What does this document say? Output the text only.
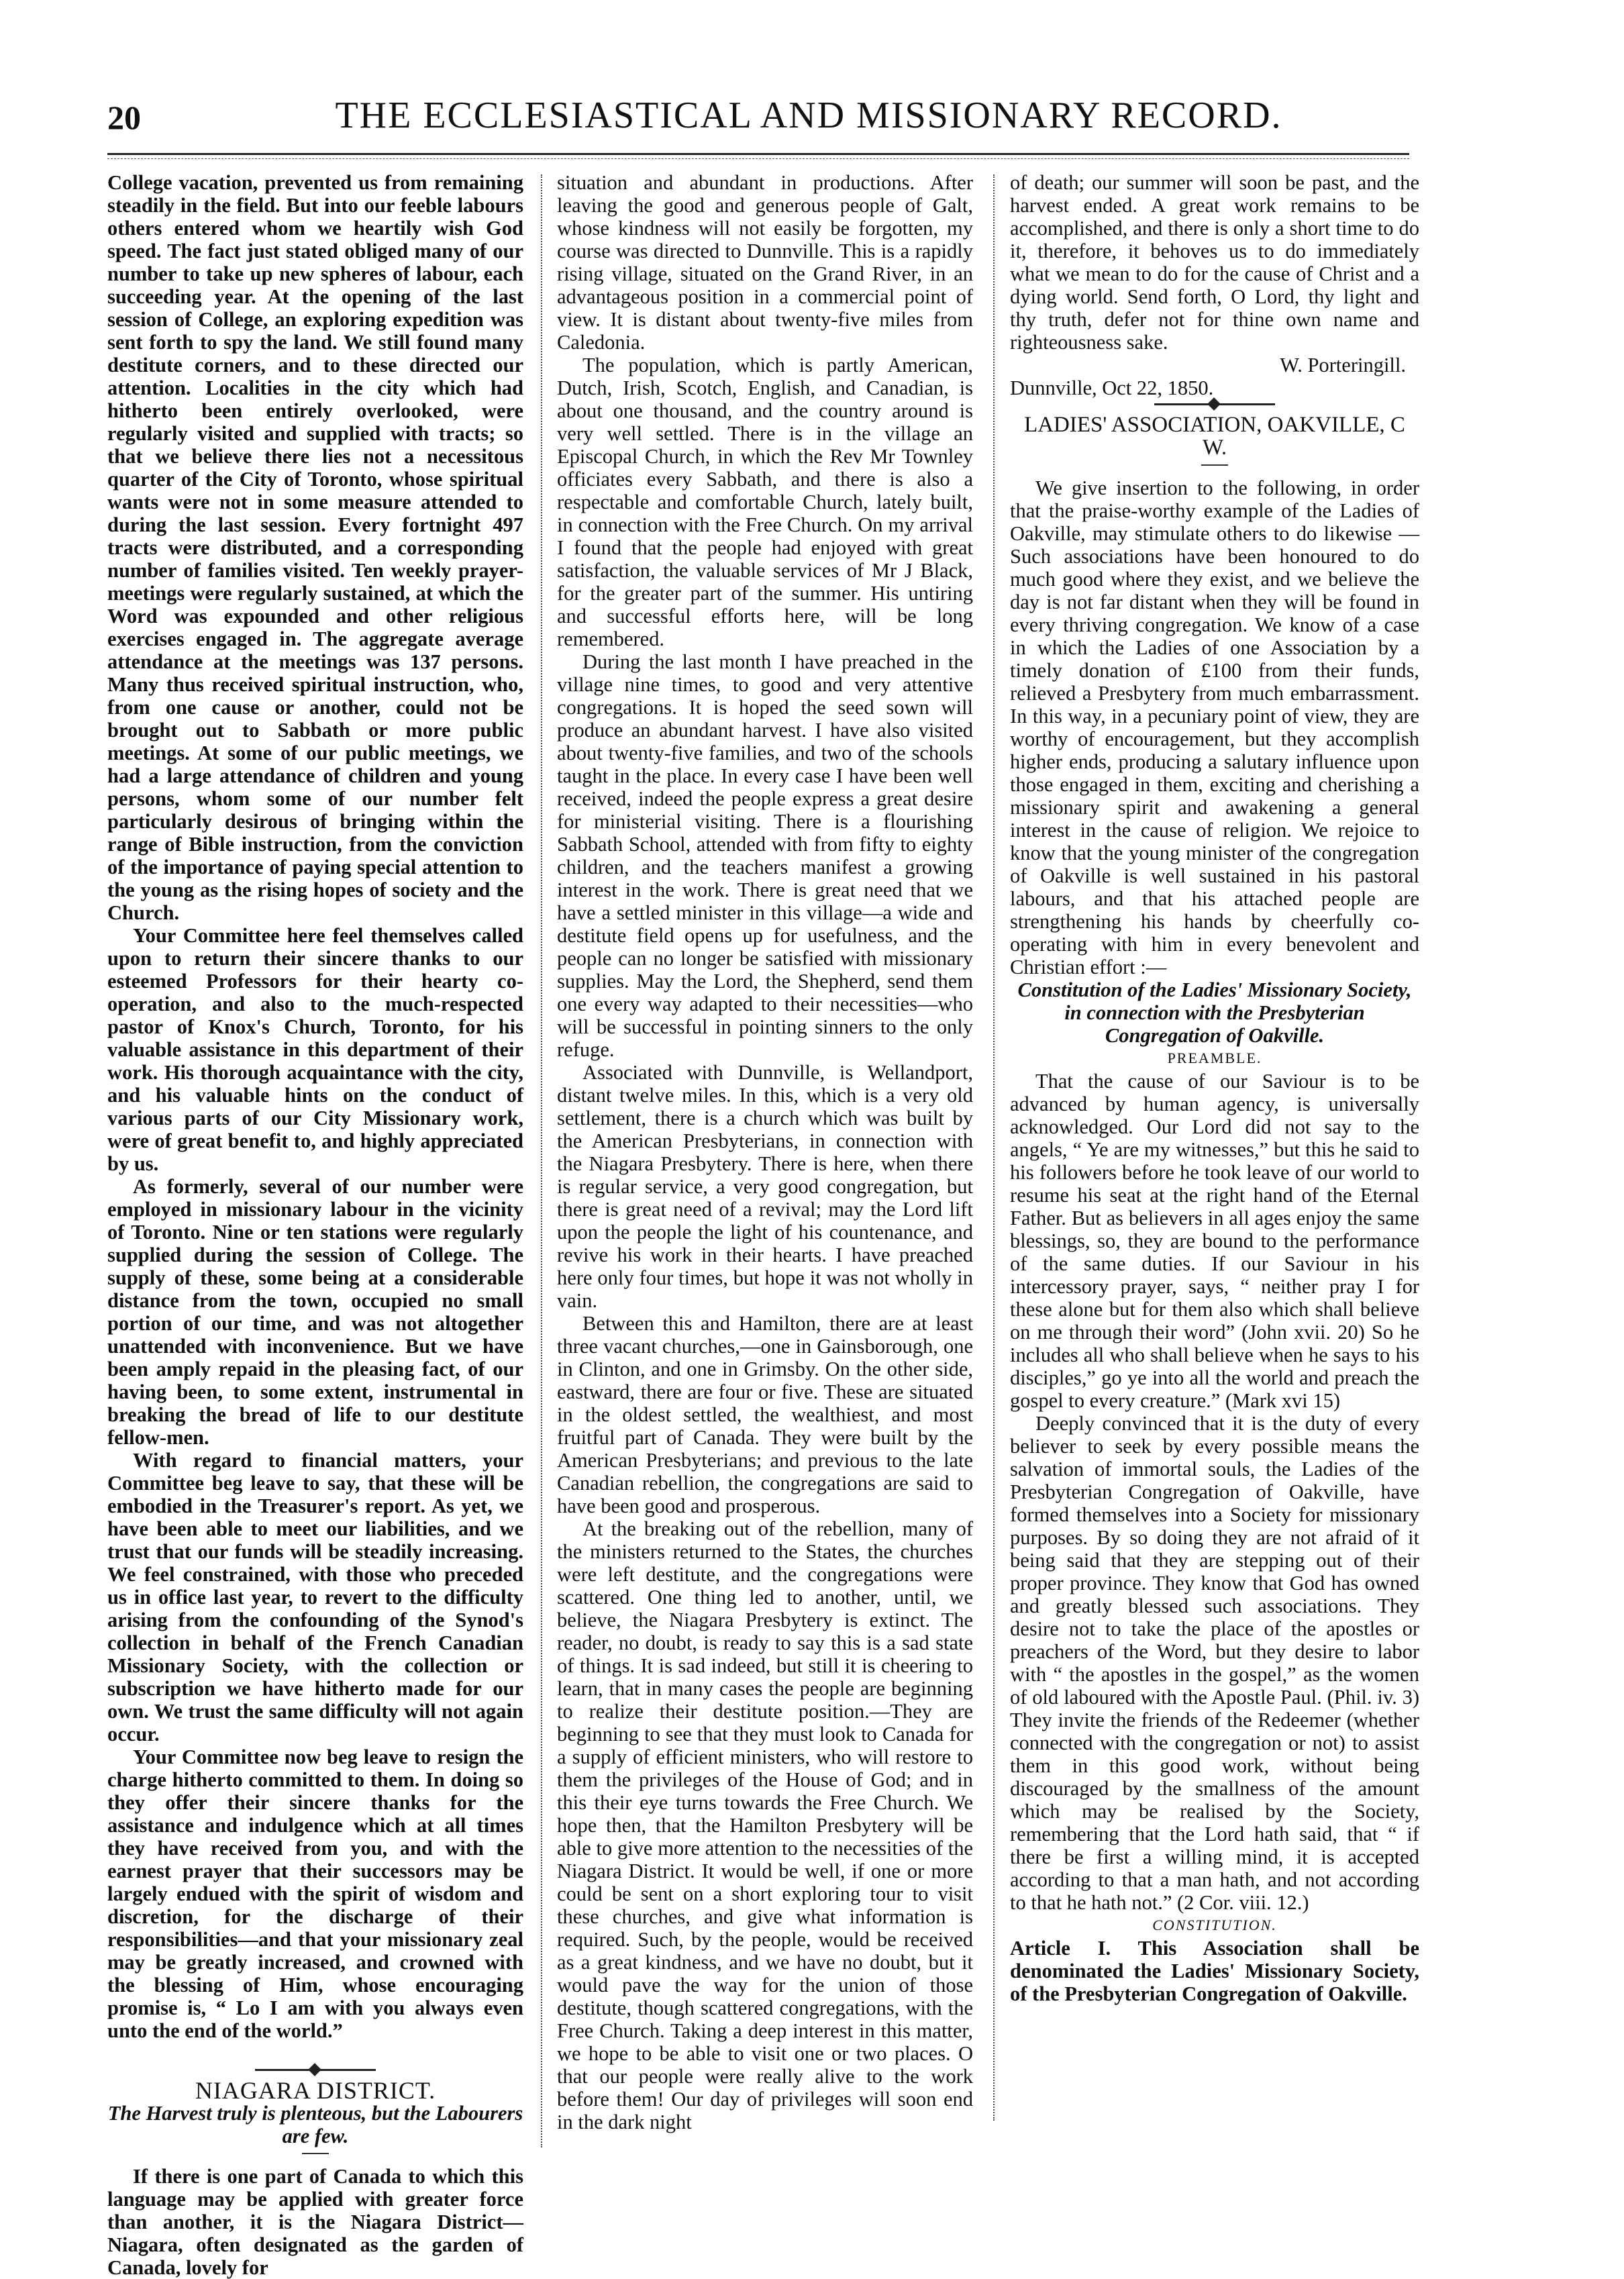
20	THE ECCLESIASTICAL AND MISSIONARY RECORD.

College vacation, prevented us from remaining steadily in the field. But into our feeble labours others entered whom we heartily wish God speed. The fact just stated obliged many of our number to take up new spheres of labour, each succeeding year. At the opening of the last session of College, an exploring expedition was sent forth to spy the land. We still found many destitute corners, and to these directed our attention. Localities in the city which had hitherto been entirely overlooked, were regularly visited and supplied with tracts; so that we believe there lies not a necessitous quarter of the City of Toronto, whose spiritual wants were not in some measure attended to during the last session. Every fortnight 497 tracts were distributed, and a corresponding number of families visited. Ten weekly prayer-meetings were regularly sustained, at which the Word was expounded and other religious exercises engaged in. The aggregate average attendance at the meetings was 137 persons. Many thus received spiritual instruction, who, from one cause or another, could not be brought out to Sabbath or more public meetings. At some of our public meetings, we had a large attendance of children and young persons, whom some of our number felt particularly desirous of bringing within the range of Bible instruction, from the conviction of the importance of paying special attention to the young as the rising hopes of society and the Church.

Your Committee here feel themselves called upon to return their sincere thanks to our esteemed Professors for their hearty co-operation, and also to the much-respected pastor of Knox's Church, Toronto, for his valuable assistance in this department of their work. His thorough acquaintance with the city, and his valuable hints on the conduct of various parts of our City Missionary work, were of great benefit to, and highly appreciated by us.

As formerly, several of our number were employed in missionary labour in the vicinity of Toronto. Nine or ten stations were regularly supplied during the session of College. The supply of these, some being at a considerable distance from the town, occupied no small portion of our time, and was not altogether unattended with inconvenience. But we have been amply repaid in the pleasing fact, of our having been, to some extent, instrumental in breaking the bread of life to our destitute fellow-men.

With regard to financial matters, your Committee beg leave to say, that these will be embodied in the Treasurer's report. As yet, we have been able to meet our liabilities, and we trust that our funds will be steadily increasing. We feel constrained, with those who preceded us in office last year, to revert to the difficulty arising from the confounding of the Synod's collection in behalf of the French Canadian Missionary Society, with the collection or subscription we have hitherto made for our own. We trust the same difficulty will not again occur.

Your Committee now beg leave to resign the charge hitherto committed to them. In doing so they offer their sincere thanks for the assistance and indulgence which at all times they have received from you, and with the earnest prayer that their successors may be largely endued with the spirit of wisdom and discretion, for the discharge of their responsibilities—and that your missionary zeal may be greatly increased, and crowned with the blessing of Him, whose encouraging promise is, “ Lo I am with you always even unto the end of the world.”

NIAGARA DISTRICT.

The Harvest truly is plenteous, but the Labourers are few.

If there is one part of Canada to which this language may be applied with greater force than another, it is the Niagara District—Niagara, often designated as the garden of Canada, lovely for

situation and abundant in productions. After leaving the good and generous people of Galt, whose kindness will not easily be forgotten, my course was directed to Dunnville. This is a rapidly rising village, situated on the Grand River, in an advantageous position in a commercial point of view. It is distant about twenty-five miles from Caledonia.

The population, which is partly American, Dutch, Irish, Scotch, English, and Canadian, is about one thousand, and the country around is very well settled. There is in the village an Episcopal Church, in which the Rev Mr Townley officiates every Sabbath, and there is also a respectable and comfortable Church, lately built, in connection with the Free Church. On my arrival I found that the people had enjoyed with great satisfaction, the valuable services of Mr J Black, for the greater part of the summer. His untiring and successful efforts here, will be long remembered.

During the last month I have preached in the village nine times, to good and very attentive congregations. It is hoped the seed sown will produce an abundant harvest. I have also visited about twenty-five families, and two of the schools taught in the place. In every case I have been well received, indeed the people express a great desire for ministerial visiting. There is a flourishing Sabbath School, attended with from fifty to eighty children, and the teachers manifest a growing interest in the work. There is great need that we have a settled minister in this village—a wide and destitute field opens up for usefulness, and the people can no longer be satisfied with missionary supplies. May the Lord, the Shepherd, send them one every way adapted to their necessities—who will be successful in pointing sinners to the only refuge.

Associated with Dunnville, is Wellandport, distant twelve miles. In this, which is a very old settlement, there is a church which was built by the American Presbyterians, in connection with the Niagara Presbytery. There is here, when there is regular service, a very good congregation, but there is great need of a revival; may the Lord lift upon the people the light of his countenance, and revive his work in their hearts. I have preached here only four times, but hope it was not wholly in vain.

Between this and Hamilton, there are at least three vacant churches,—one in Gainsborough, one in Clinton, and one in Grimsby. On the other side, eastward, there are four or five. These are situated in the oldest settled, the wealthiest, and most fruitful part of Canada. They were built by the American Presbyterians; and previous to the late Canadian rebellion, the congregations are said to have been good and prosperous.

At the breaking out of the rebellion, many of the ministers returned to the States, the churches were left destitute, and the congregations were scattered. One thing led to another, until, we believe, the Niagara Presbytery is extinct. The reader, no doubt, is ready to say this is a sad state of things. It is sad indeed, but still it is cheering to learn, that in many cases the people are beginning to realize their destitute position.—They are beginning to see that they must look to Canada for a supply of efficient ministers, who will restore to them the privileges of the House of God; and in this their eye turns towards the Free Church. We hope then, that the Hamilton Presbytery will be able to give more attention to the necessities of the Niagara District. It would be well, if one or more could be sent on a short exploring tour to visit these churches, and give what information is required. Such, by the people, would be received as a great kindness, and we have no doubt, but it would pave the way for the union of those destitute, though scattered congregations, with the Free Church. Taking a deep interest in this matter, we hope to be able to visit one or two places. O that our people were really alive to the work before them! Our day of privileges will soon end in the dark night

of death; our summer will soon be past, and the harvest ended. A great work remains to be accomplished, and there is only a short time to do it, therefore, it behoves us to do immediately what we mean to do for the cause of Christ and a dying world. Send forth, O Lord, thy light and thy truth, defer not for thine own name and righteousness sake.

W. Porteringill.

Dunnville, Oct 22, 1850.

LADIES' ASSOCIATION, OAKVILLE, C W.

We give insertion to the following, in order that the praise-worthy example of the Ladies of Oakville, may stimulate others to do likewise — Such associations have been honoured to do much good where they exist, and we believe the day is not far distant when they will be found in every thriving congregation. We know of a case in which the Ladies of one Association by a timely donation of £100 from their funds, relieved a Presbytery from much embarrassment. In this way, in a pecuniary point of view, they are worthy of encouragement, but they accomplish higher ends, producing a salutary influence upon those engaged in them, exciting and cherishing a missionary spirit and awakening a general interest in the cause of religion. We rejoice to know that the young minister of the congregation of Oakville is well sustained in his pastoral labours, and that his attached people are strengthening his hands by cheerfully co-operating with him in every benevolent and Christian effort :—

Constitution of the Ladies' Missionary Society, in connection with the Presbyterian Congregation of Oakville.

PREAMBLE.

That the cause of our Saviour is to be advanced by human agency, is universally acknowledged. Our Lord did not say to the angels, “ Ye are my witnesses,” but this he said to his followers before he took leave of our world to resume his seat at the right hand of the Eternal Father. But as believers in all ages enjoy the same blessings, so, they are bound to the performance of the same duties. If our Saviour in his intercessory prayer, says, “ neither pray I for these alone but for them also which shall believe on me through their word” (John xvii. 20) So he includes all who shall believe when he says to his disciples,” go ye into all the world and preach the gospel to every creature.” (Mark xvi 15)

Deeply convinced that it is the duty of every believer to seek by every possible means the salvation of immortal souls, the Ladies of the Presbyterian Congregation of Oakville, have formed themselves into a Society for missionary purposes. By so doing they are not afraid of it being said that they are stepping out of their proper province. They know that God has owned and greatly blessed such associations. They desire not to take the place of the apostles or preachers of the Word, but they desire to labor with “ the apostles in the gospel,” as the women of old laboured with the Apostle Paul. (Phil. iv. 3) They invite the friends of the Redeemer (whether connected with the congregation or not) to assist them in this good work, without being discouraged by the smallness of the amount which may be realised by the Society, remembering that the Lord hath said, that “ if there be first a willing mind, it is accepted according to that a man hath, and not according to that he hath not.” (2 Cor. viii. 12.)

CONSTITUTION.

Article I. This Association shall be denominated the Ladies' Missionary Society, of the Presbyterian Congregation of Oakville.
